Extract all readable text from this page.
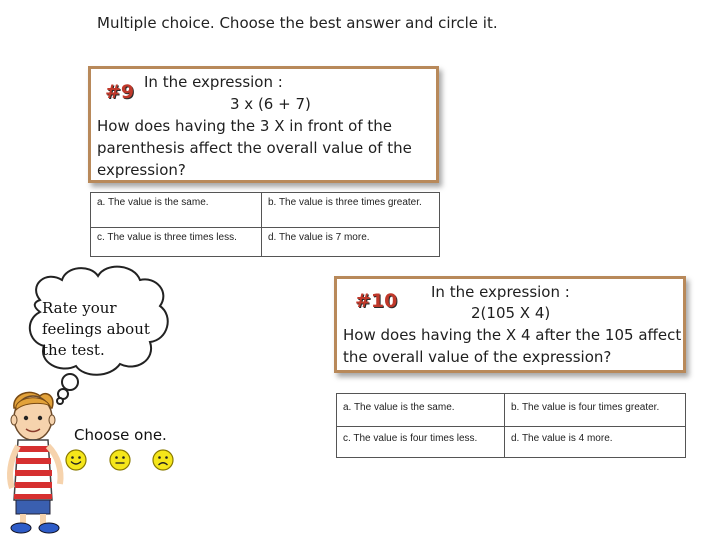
Multiple choice. Choose the best answer and circle it.
#9 In the expression :
3 x (6 + 7)
How does having the 3 X in front of the
parenthesis affect the overall value of the
expression?
a. The value is the same.	b. The value is three times greater.
c. The value is three times less.	d. The value is 7 more.
#10 In the expression :
2(105 X 4)
How does having the X 4 after the 105 affect
the overall value of the expression?
a. The value is the same.	b. The value is four times greater.
c. The value is four times less.	d. The value is 4 more.
Rate your
feelings about
the test.
Choose one.
